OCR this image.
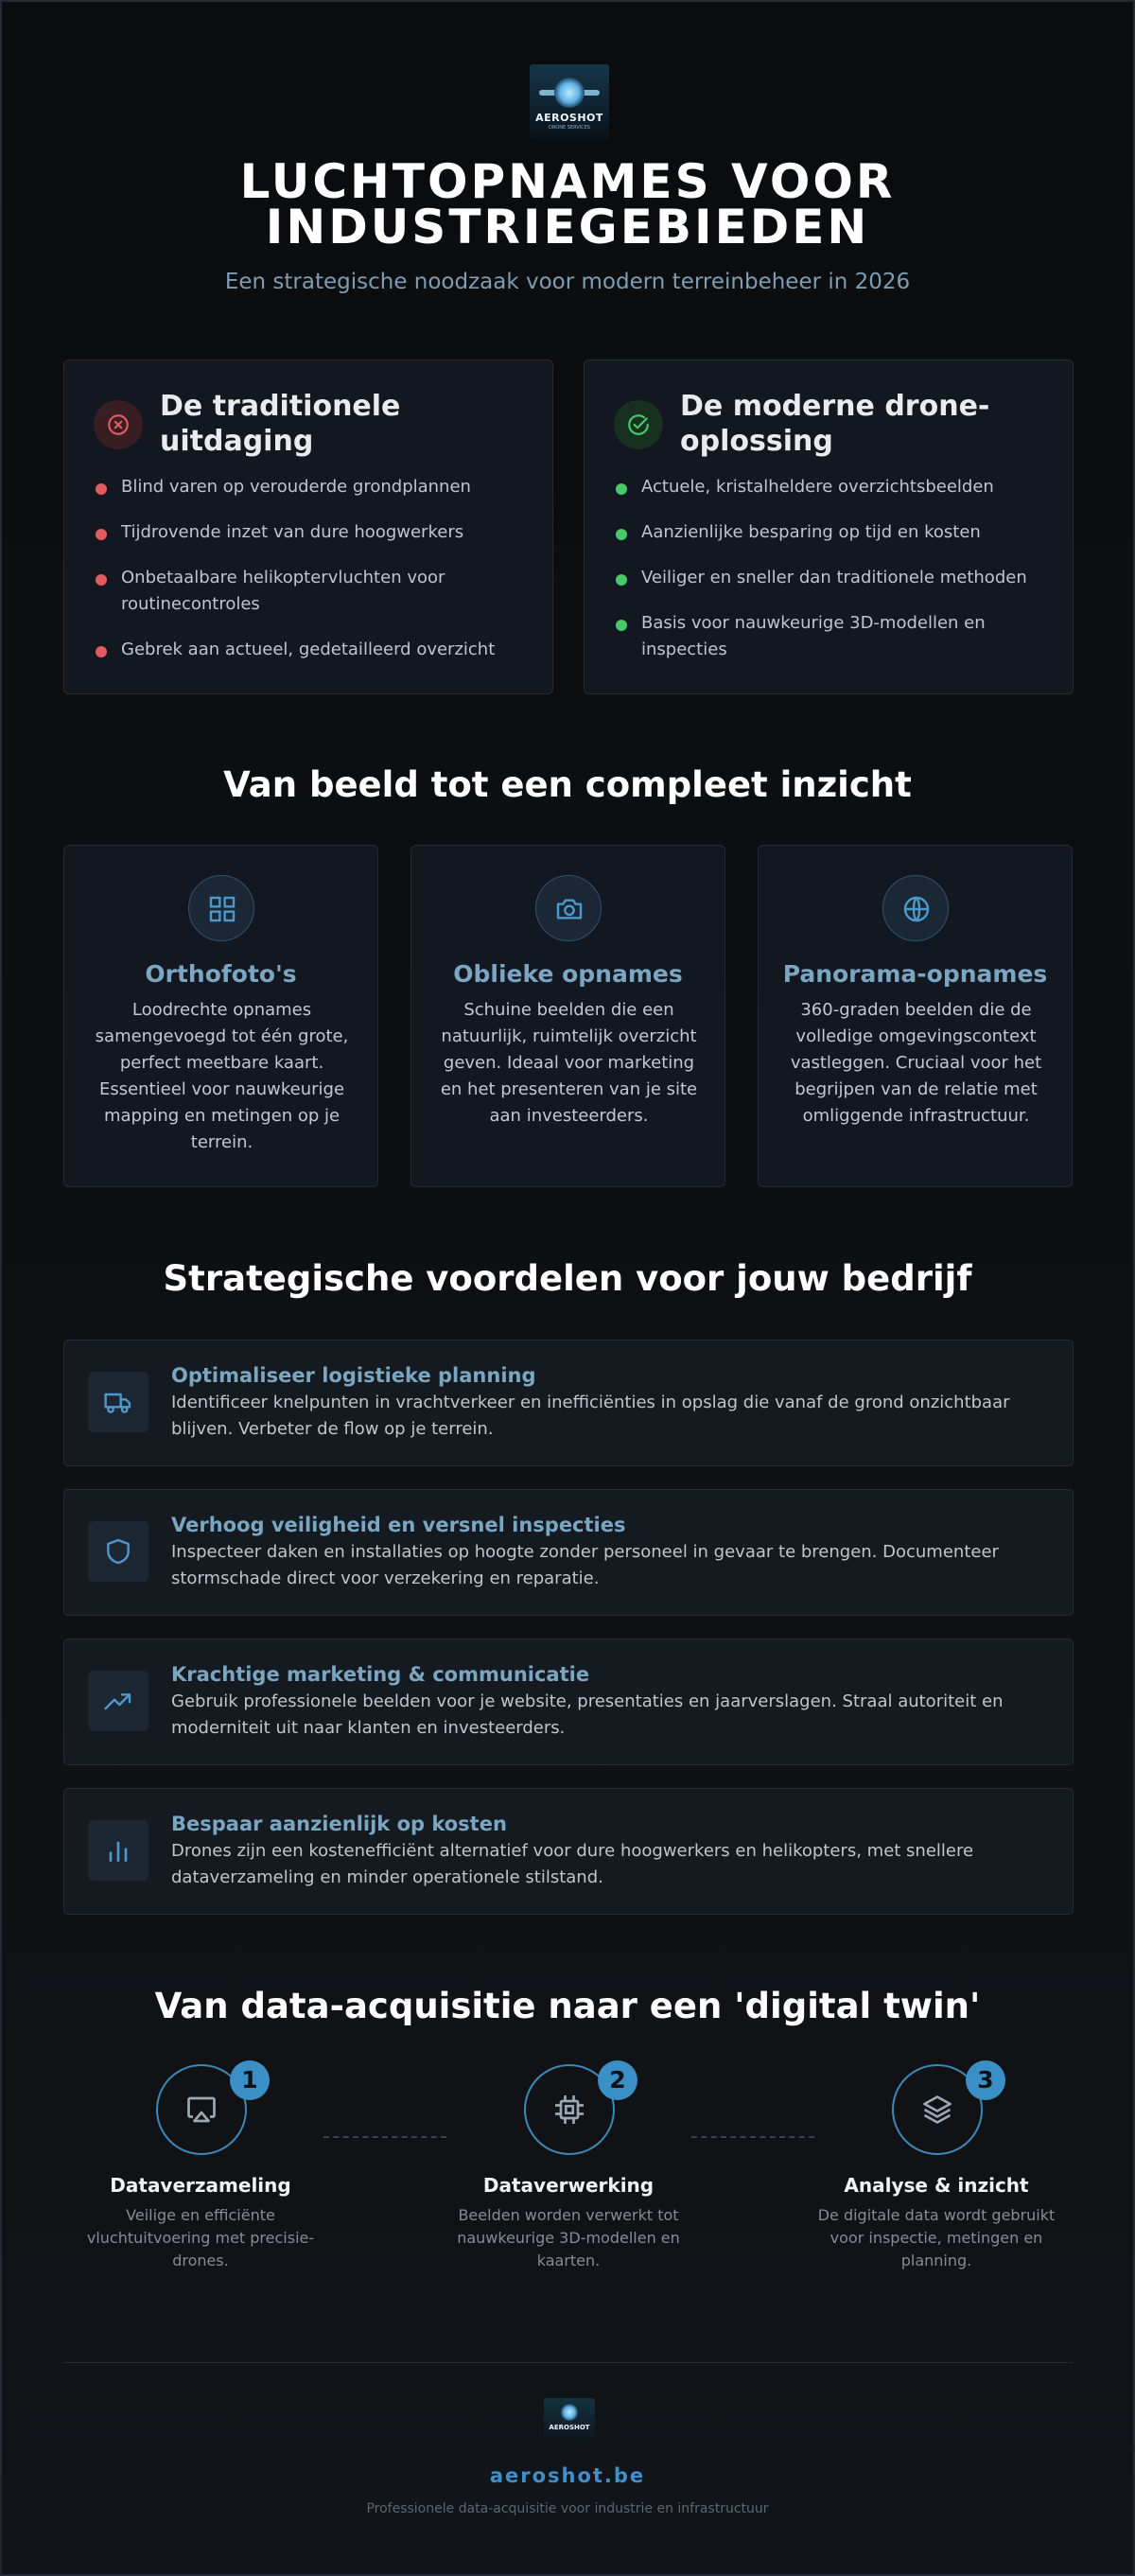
AEROSHOT
DRONE SERVICES
LUCHTOPNAMES VOOR INDUSTRIEGEBIEDEN
Een strategische noodzaak voor modern terreinbeheer in 2026
De traditionele uitdaging
Blind varen op verouderde grondplannen
Tijdrovende inzet van dure hoogwerkers
Onbetaalbare helikoptervluchten voor routinecontroles
Gebrek aan actueel, gedetailleerd overzicht
De moderne drone-oplossing
Actuele, kristalheldere overzichtsbeelden
Aanzienlijke besparing op tijd en kosten
Veiliger en sneller dan traditionele methoden
Basis voor nauwkeurige 3D-modellen en inspecties
Van beeld tot een compleet inzicht
Orthofoto's

Loodrechte opnames samengevoegd tot één grote, perfect meetbare kaart. Essentieel voor nauwkeurige mapping en metingen op je terrein.

Oblieke opnames

Schuine beelden die een natuurlijk, ruimtelijk overzicht geven. Ideaal voor marketing en het presenteren van je site aan investeerders.

Panorama-opnames

360-graden beelden die de volledige omgevingscontext vastleggen. Cruciaal voor het begrijpen van de relatie met omliggende infrastructuur.

Strategische voordelen voor jouw bedrijf
Optimaliseer logistieke planning

Identificeer knelpunten in vrachtverkeer en inefficiënties in opslag die vanaf de grond onzichtbaar blijven. Verbeter de flow op je terrein.

Verhoog veiligheid en versnel inspecties

Inspecteer daken en installaties op hoogte zonder personeel in gevaar te brengen. Documenteer stormschade direct voor verzekering en reparatie.

Krachtige marketing & communicatie

Gebruik professionele beelden voor je website, presentaties en jaarverslagen. Straal autoriteit en moderniteit uit naar klanten en investeerders.

Bespaar aanzienlijk op kosten

Drones zijn een kostenefficiënt alternatief voor dure hoogwerkers en helikopters, met snellere dataverzameling en minder operationele stilstand.

Van data-acquisitie naar een 'digital twin'
1
Dataverzameling

Veilige en efficiënte vluchtuitvoering met precisie-drones.

2
Dataverwerking

Beelden worden verwerkt tot nauwkeurige 3D-modellen en kaarten.

3
Analyse & inzicht

De digitale data wordt gebruikt voor inspectie, metingen en planning.

AEROSHOT
aeroshot.be
Professionele data-acquisitie voor industrie en infrastructuur
